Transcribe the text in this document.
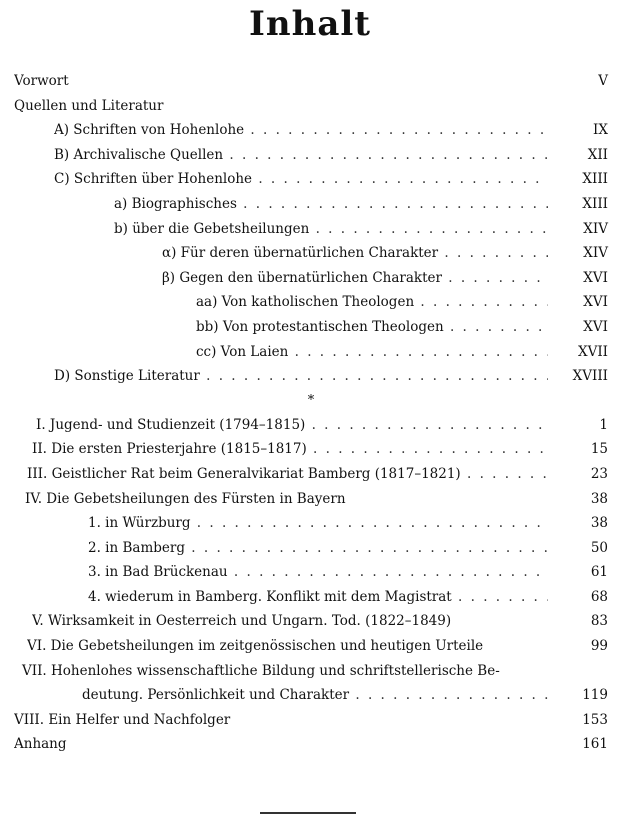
Inhalt
Vorwort	V
Quellen und Literatur
A) Schriften von Hohenlohe . .	IX
B) Archivalische Quellen . .	XII
C) Schriften über Hohenlohe . .	XIII
a) Biographisches . .	XIII
b) über die Gebetsheilungen . .	XIV
α) Für deren übernatürlichen Charakter . .	XIV
β) Gegen den übernatürlichen Charakter . .	XVI
aa) Von katholischen Theologen . .	XVI
bb) Von protestantischen Theologen . .	XVI
cc) Von Laien . .	XVII
D) Sonstige Literatur . .	XVIII
*
I. Jugend- und Studienzeit (1794–1815) . .	1
II. Die ersten Priesterjahre (1815–1817) . .	15
III. Geistlicher Rat beim Generalvikariat Bamberg (1817–1821) . .	23
IV. Die Gebetsheilungen des Fürsten in Bayern	38
1. in Würzburg . .	38
2. in Bamberg . .	50
3. in Bad Brückenau . .	61
4. wiederum in Bamberg. Konflikt mit dem Magistrat . .	68
V. Wirksamkeit in Oesterreich und Ungarn. Tod. (1822–1849)	83
VI. Die Gebetsheilungen im zeitgenössischen und heutigen Urteile	99
VII. Hohenlohes wissenschaftliche Bildung und schriftstellerische Be-
deutung. Persönlichkeit und Charakter . .	119
VIII. Ein Helfer und Nachfolger	153
Anhang	161
